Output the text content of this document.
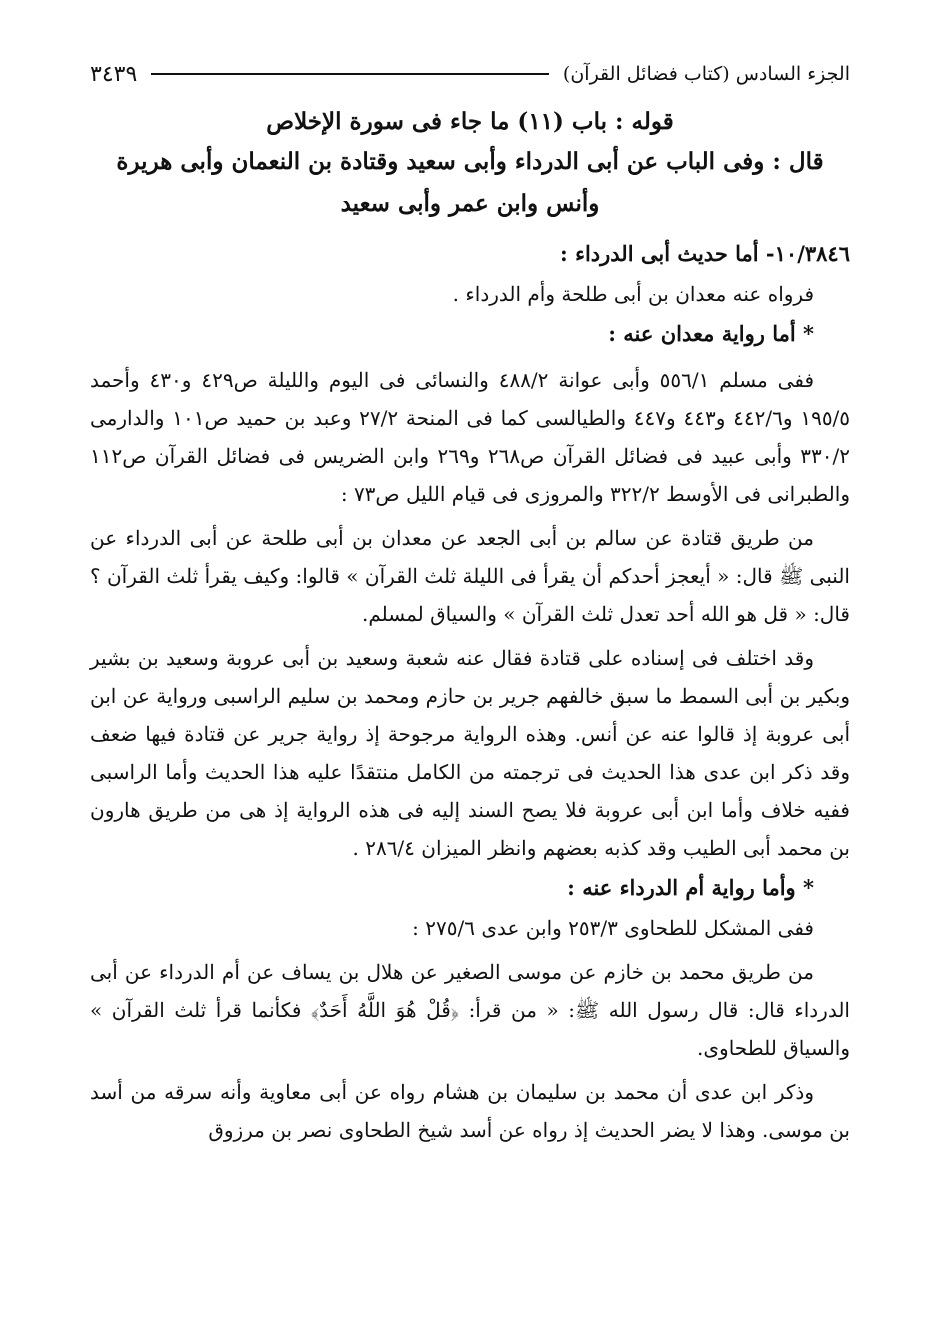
الجزء السادس (كتاب فضائل القرآن)
٣٤٣٩
قوله : باب (١١) ما جاء فى سورة الإخلاص
قال : وفى الباب عن أبى الدرداء وأبى سعيد وقتادة بن النعمان وأبى هريرة وأنس وابن عمر وأبى سعيد
١٠/٣٨٤٦- أما حديث أبى الدرداء :

فرواه عنه معدان بن أبى طلحة وأم الدرداء .

* أما رواية معدان عنه :

ففى مسلم ٥٥٦/١ وأبى عوانة ٤٨٨/٢ والنسائى فى اليوم والليلة ص٤٢٩ و٤٣٠ وأحمد ١٩٥/٥ و٤٤٢/٦ و٤٤٣ و٤٤٧ والطيالسى كما فى المنحة ٢٧/٢ وعبد بن حميد ص١٠١ والدارمى ٣٣٠/٢ وأبى عبيد فى فضائل القرآن ص٢٦٨ و٢٦٩ وابن الضريس فى فضائل القرآن ص١١٢ والطبرانى فى الأوسط ٣٢٢/٢ والمروزى فى قيام الليل ص٧٣ :

من طريق قتادة عن سالم بن أبى الجعد عن معدان بن أبى طلحة عن أبى الدرداء عن النبى ﷺ قال: « أيعجز أحدكم أن يقرأ فى الليلة ثلث القرآن » قالوا: وكيف يقرأ ثلث القرآن ؟ قال: « قل هو الله أحد تعدل ثلث القرآن » والسياق لمسلم.

وقد اختلف فى إسناده على قتادة فقال عنه شعبة وسعيد بن أبى عروبة وسعيد بن بشير وبكير بن أبى السمط ما سبق خالفهم جرير بن حازم ومحمد بن سليم الراسبى ورواية عن ابن أبى عروبة إذ قالوا عنه عن أنس. وهذه الرواية مرجوحة إذ رواية جرير عن قتادة فيها ضعف وقد ذكر ابن عدى هذا الحديث فى ترجمته من الكامل منتقدًا عليه هذا الحديث وأما الراسبى ففيه خلاف وأما ابن أبى عروبة فلا يصح السند إليه فى هذه الرواية إذ هى من طريق هارون بن محمد أبى الطيب وقد كذبه بعضهم وانظر الميزان ٢٨٦/٤ .

* وأما رواية أم الدرداء عنه :

ففى المشكل للطحاوى ٢٥٣/٣ وابن عدى ٢٧٥/٦ :

من طريق محمد بن خازم عن موسى الصغير عن هلال بن يساف عن أم الدرداء عن أبى الدرداء قال: قال رسول الله ﷺ: « من قرأ: ﴿قُلْ هُوَ اللَّهُ أَحَدٌ﴾ فكأنما قرأ ثلث القرآن » والسياق للطحاوى.

وذكر ابن عدى أن محمد بن سليمان بن هشام رواه عن أبى معاوية وأنه سرقه من أسد بن موسى. وهذا لا يضر الحديث إذ رواه عن أسد شيخ الطحاوى نصر بن مرزوق
